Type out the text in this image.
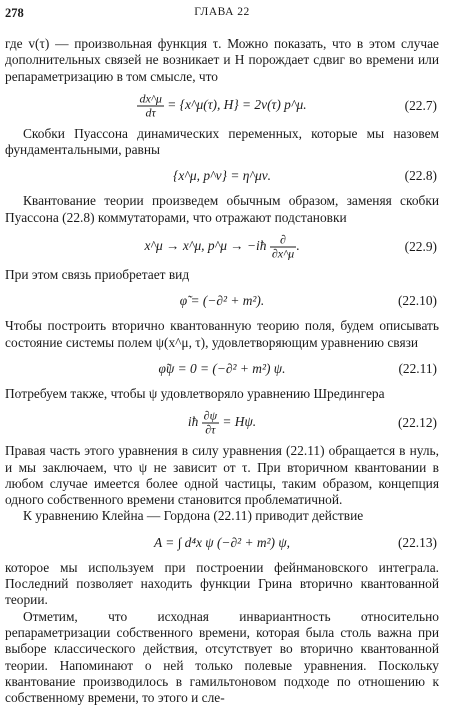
278	ГЛАВА 22

где v(τ) — произвольная функция τ. Можно показать, что в этом случае дополнительных связей не возникает и H порождает сдвиг во времени или репараметризацию в том смысле, что

$\frac{dx\^{}\mu}{d\tau}$ = {x^μ(τ), H} = 2v(τ) p^μ.	(22.7)

Скобки Пуассона динамических переменных, которые мы назовем фундаментальными, равны

{x^μ, p^ν} = η^μν.	(22.8)

Квантование теории произведем обычным образом, заменяя скобки Пуассона (22.8) коммутаторами, что отражают подстановки

x^μ → x^μ, p^μ → −iħ $\frac{\partial}{\partial x\^{}\mu}$ .	(22.9)

При этом связь приобретает вид

φ̃ = (−∂² + m²).	(22.10)

Чтобы построить вторично квантованную теорию поля, будем описывать состояние системы полем ψ(x^μ, τ), удовлетворяющим уравнению связи

φ̃ψ = 0 = (−∂² + m²) ψ.	(22.11)

Потребуем также, чтобы ψ удовлетворяло уравнению Шредингера

iħ $\frac{\partial\psi}{\partial\tau} = H\psi$.	(22.12)

Правая часть этого уравнения в силу уравнения (22.11) обращается в нуль, и мы заключаем, что ψ не зависит от τ. При вторичном квантовании в любом случае имеется более одной частицы, таким образом, концепция одного собственного времени становится проблематичной.

К уравнению Клейна — Гордона (22.11) приводит действие

A = ∫ d⁴x ψ (−∂² + m²) ψ,	(22.13)

которое мы используем при построении фейнмановского интеграла. Последний позволяет находить функции Грина вторично квантованной теории.

Отметим, что исходная инвариантность относительно репараметризации собственного времени, которая была столь важна при выборе классического действия, отсутствует во вторично квантованной теории. Напоминают о ней только полевые уравнения. Поскольку квантование производилось в гамильтоновом подходе по отношению к собственному времени, то этого и сле-
